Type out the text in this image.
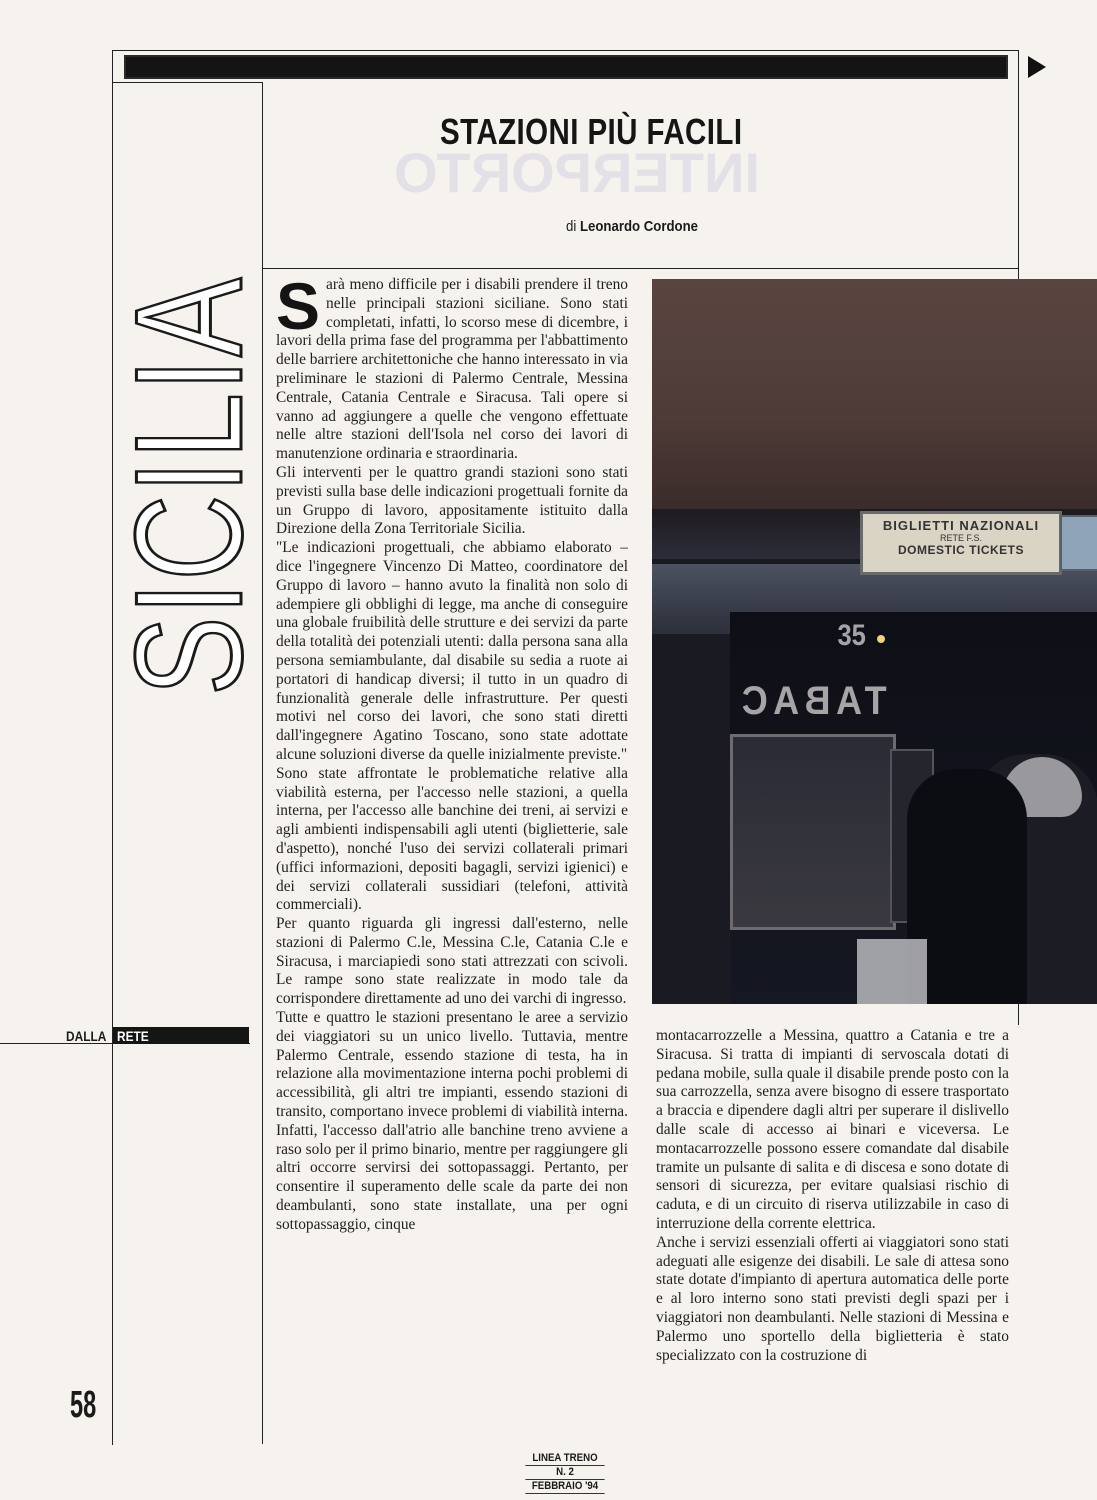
INTERPORTO
STAZIONI PIÙ FACILI
di Leonardo Cordone
SICILIA
DALLA RETE
58

Sarà meno difficile per i disabili prendere il treno nelle principali stazioni siciliane. Sono stati completati, infatti, lo scorso mese di dicembre, i lavori della prima fase del programma per l'abbattimento delle barriere architettoniche che hanno interessato in via preliminare le stazioni di Palermo Centrale, Messina Centrale, Catania Centrale e Siracusa. Tali opere si vanno ad aggiungere a quelle che vengono effettuate nelle altre stazioni dell'Isola nel corso dei lavori di manutenzione ordinaria e straordinaria.

Gli interventi per le quattro grandi stazioni sono stati previsti sulla base delle indicazioni progettuali fornite da un Gruppo di lavoro, appositamente istituito dalla Direzione della Zona Territoriale Sicilia.

"Le indicazioni progettuali, che abbiamo elaborato – dice l'ingegnere Vincenzo Di Matteo, coordinatore del Gruppo di lavoro – hanno avuto la finalità non solo di adempiere gli obblighi di legge, ma anche di conseguire una globale fruibilità delle strutture e dei servizi da parte della totalità dei potenziali utenti: dalla persona sana alla persona semiambulante, dal disabile su sedia a ruote ai portatori di handicap diversi; il tutto in un quadro di funzionalità generale delle infrastrutture. Per questi motivi nel corso dei lavori, che sono stati diretti dall'ingegnere Agatino Toscano, sono state adottate alcune soluzioni diverse da quelle inizialmente previste."

Sono state affrontate le problematiche relative alla viabilità esterna, per l'accesso nelle stazioni, a quella interna, per l'accesso alle banchine dei treni, ai servizi e agli ambienti indispensabili agli utenti (biglietterie, sale d'aspetto), nonché l'uso dei servizi collaterali primari (uffici informazioni, depositi bagagli, servizi igienici) e dei servizi collaterali sussidiari (telefoni, attività commerciali).

Per quanto riguarda gli ingressi dall'esterno, nelle stazioni di Palermo C.le, Messina C.le, Catania C.le e Siracusa, i marciapiedi sono stati attrezzati con scivoli. Le rampe sono state realizzate in modo tale da corrispondere direttamente ad uno dei varchi di ingresso.

Tutte e quattro le stazioni presentano le aree a servizio dei viaggiatori su un unico livello. Tuttavia, mentre Palermo Centrale, essendo stazione di testa, ha in relazione alla movimentazione interna pochi problemi di accessibilità, gli altri tre impianti, essendo stazioni di transito, comportano invece problemi di viabilità interna. Infatti, l'accesso dall'atrio alle banchine treno avviene a raso solo per il primo binario, mentre per raggiungere gli altri occorre servirsi dei sottopassaggi. Pertanto, per consentire il superamento delle scale da parte dei non deambulanti, sono state installate, una per ogni sottopassaggio, cinque

BIGLIETTI NAZIONALI
RETE F.S.
DOMESTIC TICKETS
35
TABAC

montacarrozzelle a Messina, quattro a Catania e tre a Siracusa. Si tratta di impianti di servoscala dotati di pedana mobile, sulla quale il disabile prende posto con la sua carrozzella, senza avere bisogno di essere trasportato a braccia e dipendere dagli altri per superare il dislivello dalle scale di accesso ai binari e viceversa. Le montacarrozzelle possono essere comandate dal disabile tramite un pulsante di salita e di discesa e sono dotate di sensori di sicurezza, per evitare qualsiasi rischio di caduta, e di un circuito di riserva utilizzabile in caso di interruzione della corrente elettrica.

Anche i servizi essenziali offerti ai viaggiatori sono stati adeguati alle esigenze dei disabili. Le sale di attesa sono state dotate d'impianto di apertura automatica delle porte e al loro interno sono stati previsti degli spazi per i viaggiatori non deambulanti. Nelle stazioni di Messina e Palermo uno sportello della biglietteria è stato specializzato con la costruzione di

LINEA TRENO
N. 2
FEBBRAIO '94
